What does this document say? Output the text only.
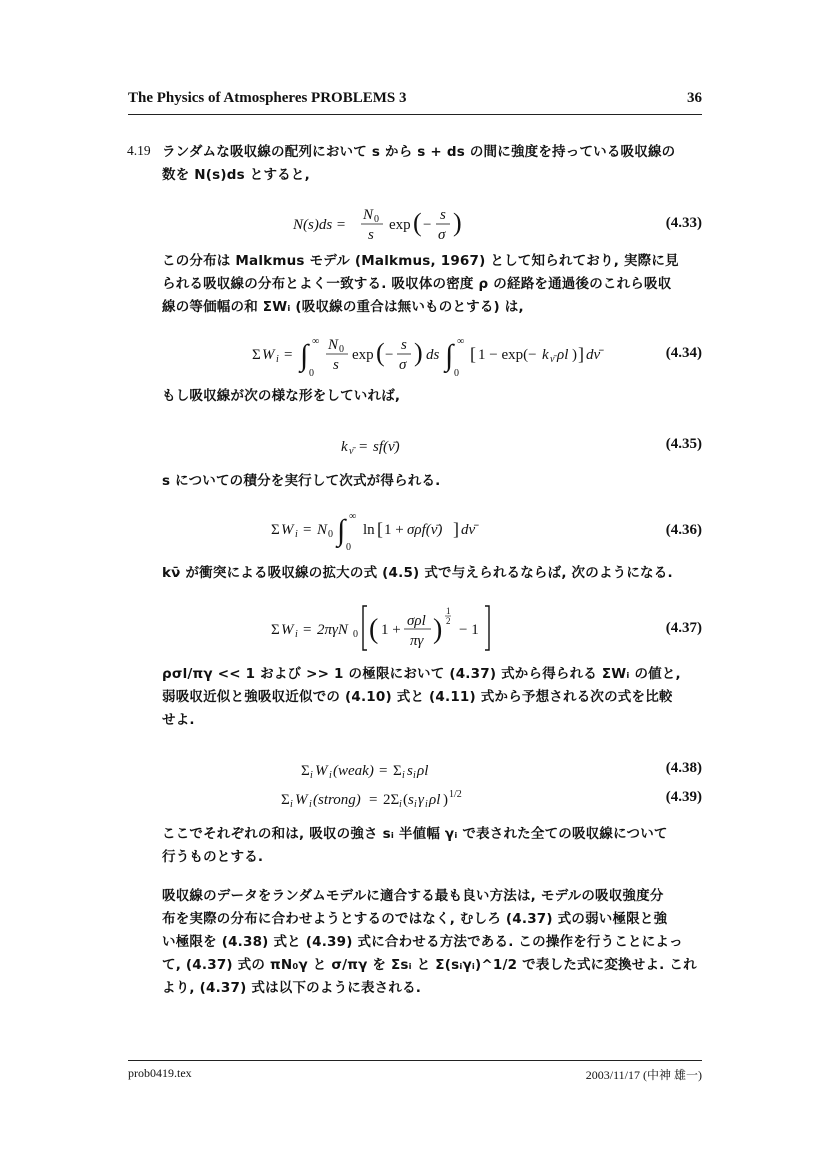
The Physics of Atmospheres PROBLEMS 3	36
4.19 ランダムな吸収線の配列において s から s + ds の間に強度を持っている吸収線の
数を N(s)ds とすると,
N(s)ds =
N 0
s
exp ( −
s
σ )	(4.33)
この分布は Malkmus モデル (Malkmus, 1967) として知られており, 実際に見
られる吸収線の分布とよく一致する. 吸収体の密度 ρ の経路を通過後のこれら吸収
線の等価幅の和 ΣWᵢ (吸収線の重合は無いものとする) は,
Σ W i = ∫ ∞
0
N 0
s
exp ( −
s
σ ) ds ∫ ∞
0
[ 1 − exp(− k ν̄ ρl ) ] dν̄	(4.34)
もし吸収線が次の様な形をしていれば,
k ν̄ = sf(ν̄)	(4.35)
s についての積分を実行して次式が得られる.
Σ W i = N 0 ∫ ∞
0
ln [ 1 + σρf(ν̄) ] dν̄	(4.36)
kν̄ が衝突による吸収線の拡大の式 (4.5) 式で与えられるならば, 次のようになる.
Σ W i = 2πγN 0 ( 1 +
σρl
πγ )
1
2
− 1	(4.37)
ρσl/πγ << 1 および >> 1 の極限において (4.37) 式から得られる ΣWᵢ の値と,
弱吸収近似と強吸収近似での (4.10) 式と (4.11) 式から予想される次の式を比較
せよ.
Σ i W i (weak) = Σ i s i ρl	(4.38)
Σ i W i (strong) = 2Σ i ( s i γ i ρl ) 1/2	(4.39)
ここでそれぞれの和は, 吸収の強さ sᵢ 半値幅 γᵢ で表された全ての吸収線について
行うものとする.
吸収線のデータをランダムモデルに適合する最も良い方法は, モデルの吸収強度分
布を実際の分布に合わせようとするのではなく, むしろ (4.37) 式の弱い極限と強
い極限を (4.38) 式と (4.39) 式に合わせる方法である. この操作を行うことによっ
て, (4.37) 式の πN₀γ と σ/πγ を Σsᵢ と Σ(sᵢγᵢ)^1/2 で表した式に変換せよ. これ
より, (4.37) 式は以下のように表される.
prob0419.tex	2003/11/17 (中神 雄一)
